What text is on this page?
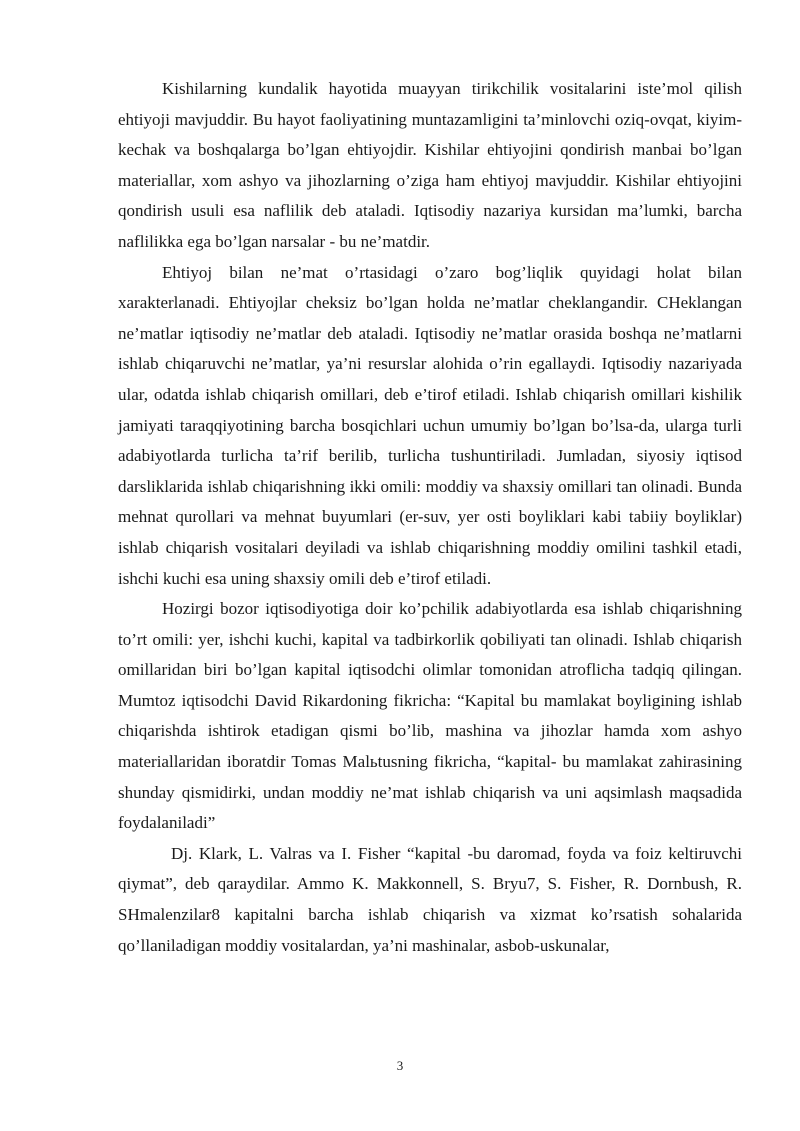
Kishilarning kundalik hayotida muayyan tirikchilik vositalarini iste’mol qilish ehtiyoji mavjuddir. Bu hayot faoliyatining muntazamligini ta’minlovchi oziq-ovqat, kiyim-kechak va boshqalarga bo’lgan ehtiyojdir. Kishilar ehtiyojini qondirish manbai bo’lgan materiallar, xom ashyo va jihozlarning o’ziga ham ehtiyoj mavjuddir. Kishilar ehtiyojini qondirish usuli esa naflilik deb ataladi. Iqtisodiy nazariya kursidan ma’lumki, barcha naflilikka ega bo’lgan narsalar - bu ne’matdir.

Ehtiyoj bilan ne’mat o’rtasidagi o’zaro bog’liqlik quyidagi holat bilan xarakterlanadi. Ehtiyojlar cheksiz bo’lgan holda ne’matlar cheklangandir. CHeklangan ne’matlar iqtisodiy ne’matlar deb ataladi. Iqtisodiy ne’matlar orasida boshqa ne’matlarni ishlab chiqaruvchi ne’matlar, ya’ni resurslar alohida o’rin egallaydi. Iqtisodiy nazariyada ular, odatda ishlab chiqarish omillari, deb e’tirof etiladi. Ishlab chiqarish omillari kishilik jamiyati taraqqiyotining barcha bosqichlari uchun umumiy bo’lgan bo’lsa-da, ularga turli adabiyotlarda turlicha ta’rif berilib, turlicha tushuntiriladi. Jumladan, siyosiy iqtisod darsliklarida ishlab chiqarishning ikki omili: moddiy va shaxsiy omillari tan olinadi. Bunda mehnat qurollari va mehnat buyumlari (er-suv, yer osti boyliklari kabi tabiiy boyliklar) ishlab chiqarish vositalari deyiladi va ishlab chiqarishning moddiy omilini tashkil etadi, ishchi kuchi esa uning shaxsiy omili deb e’tirof etiladi.

Hozirgi bozor iqtisodiyotiga doir ko’pchilik adabiyotlarda esa ishlab chiqarishning to’rt omili: yer, ishchi kuchi, kapital va tadbirkorlik qobiliyati tan olinadi. Ishlab chiqarish omillaridan biri bo’lgan kapital iqtisodchi olimlar tomonidan atroflicha tadqiq qilingan. Mumtoz iqtisodchi David Rikardoning fikricha: “Kapital bu mamlakat boyligining ishlab chiqarishda ishtirok etadigan qismi bo’lib, mashina va jihozlar hamda xom ashyo materiallaridan iboratdir Tomas Malьtusning fikricha, “kapital- bu mamlakat zahirasining shunday qismidirki, undan moddiy ne’mat ishlab chiqarish va uni aqsimlash maqsadida foydalaniladi”

Dj. Klark, L. Valras va I. Fisher “kapital -bu daromad, foyda va foiz keltiruvchi qiymat”, deb qaraydilar. Ammo K. Makkonnell, S. Bryu7, S. Fisher, R. Dornbush, R. SHmalenzilar8 kapitalni barcha ishlab chiqarish va xizmat ko’rsatish sohalarida qo’llaniladigan moddiy vositalardan, ya’ni mashinalar, asbob-uskunalar,

3
